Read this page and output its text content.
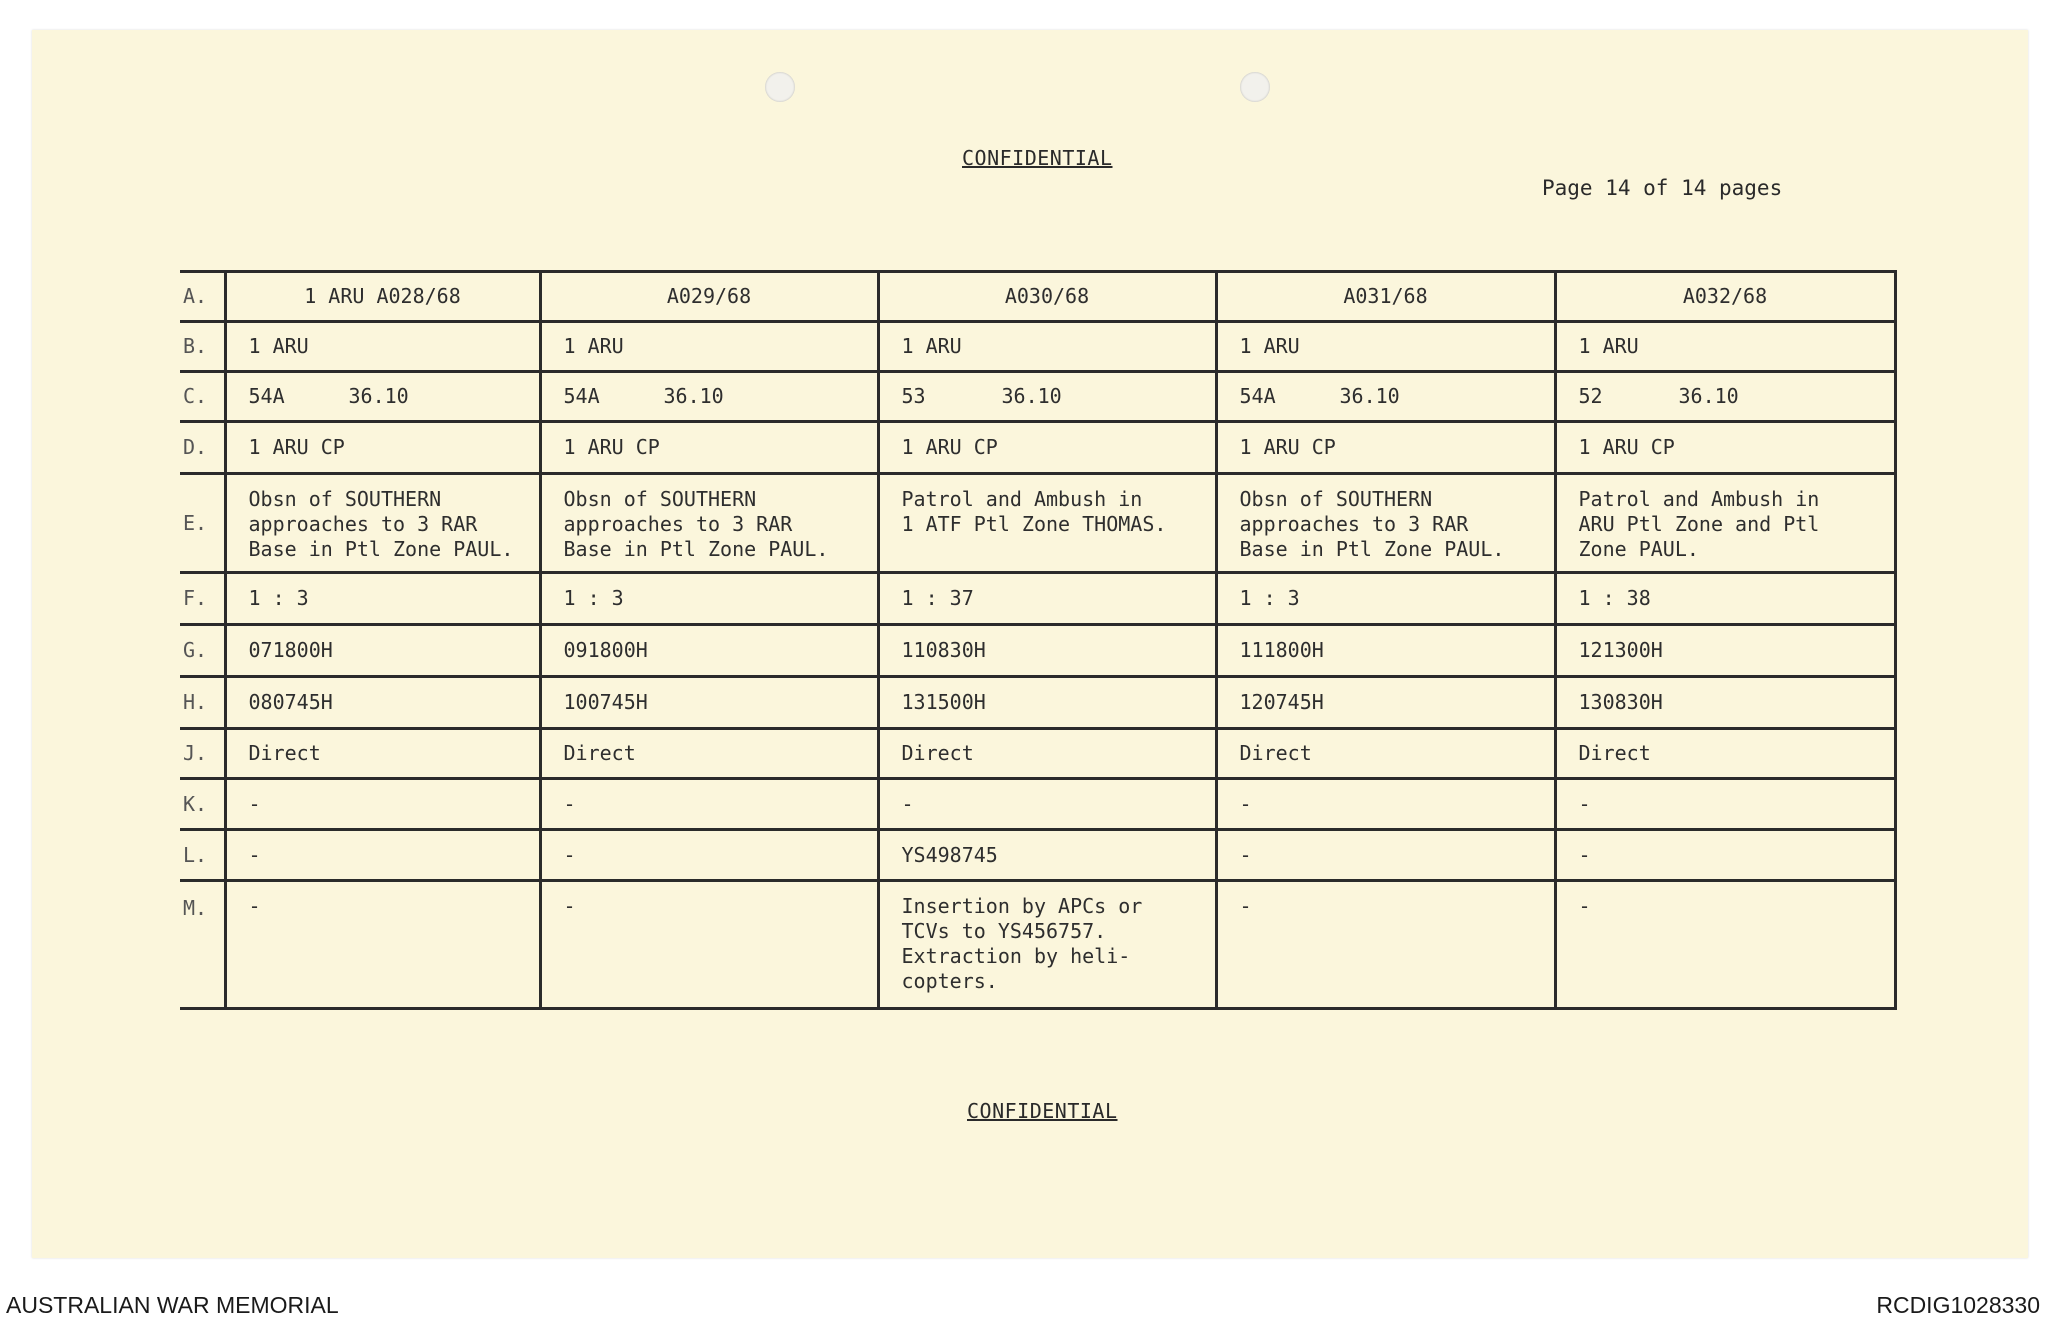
CONFIDENTIAL
Page 14 of 14 pages
A.	1 ARU A028/68	A029/68	A030/68	A031/68	A032/68
B.	1 ARU	1 ARU	1 ARU	1 ARU	1 ARU
C.	54A 36.10	54A 36.10	53 36.10	54A 36.10	52 36.10

D.	1 ARU CP	1 ARU CP	1 ARU CP	1 ARU CP	1 ARU CP
E.	Obsn of SOUTHERN
approaches to 3 RAR
Base in Ptl Zone PAUL.	Obsn of SOUTHERN
approaches to 3 RAR
Base in Ptl Zone PAUL.	Patrol and Ambush in
1 ATF Ptl Zone THOMAS.	Obsn of SOUTHERN
approaches to 3 RAR
Base in Ptl Zone PAUL.	Patrol and Ambush in
ARU Ptl Zone and Ptl
Zone PAUL.
F.	1 : 3	1 : 3	1 : 37	1 : 3	1 : 38
G.	071800H	091800H	110830H	111800H	121300H
H.	080745H	100745H	131500H	120745H	130830H
J.	Direct	Direct	Direct	Direct	Direct
K.	-	-	-	-	-
L.	-	-	YS498745	-	-
M.	-	-	Insertion by APCs or
TCVs to YS456757.
Extraction by heli-
copters.	-	-
CONFIDENTIAL
AUSTRALIAN WAR MEMORIAL	RCDIG1028330
